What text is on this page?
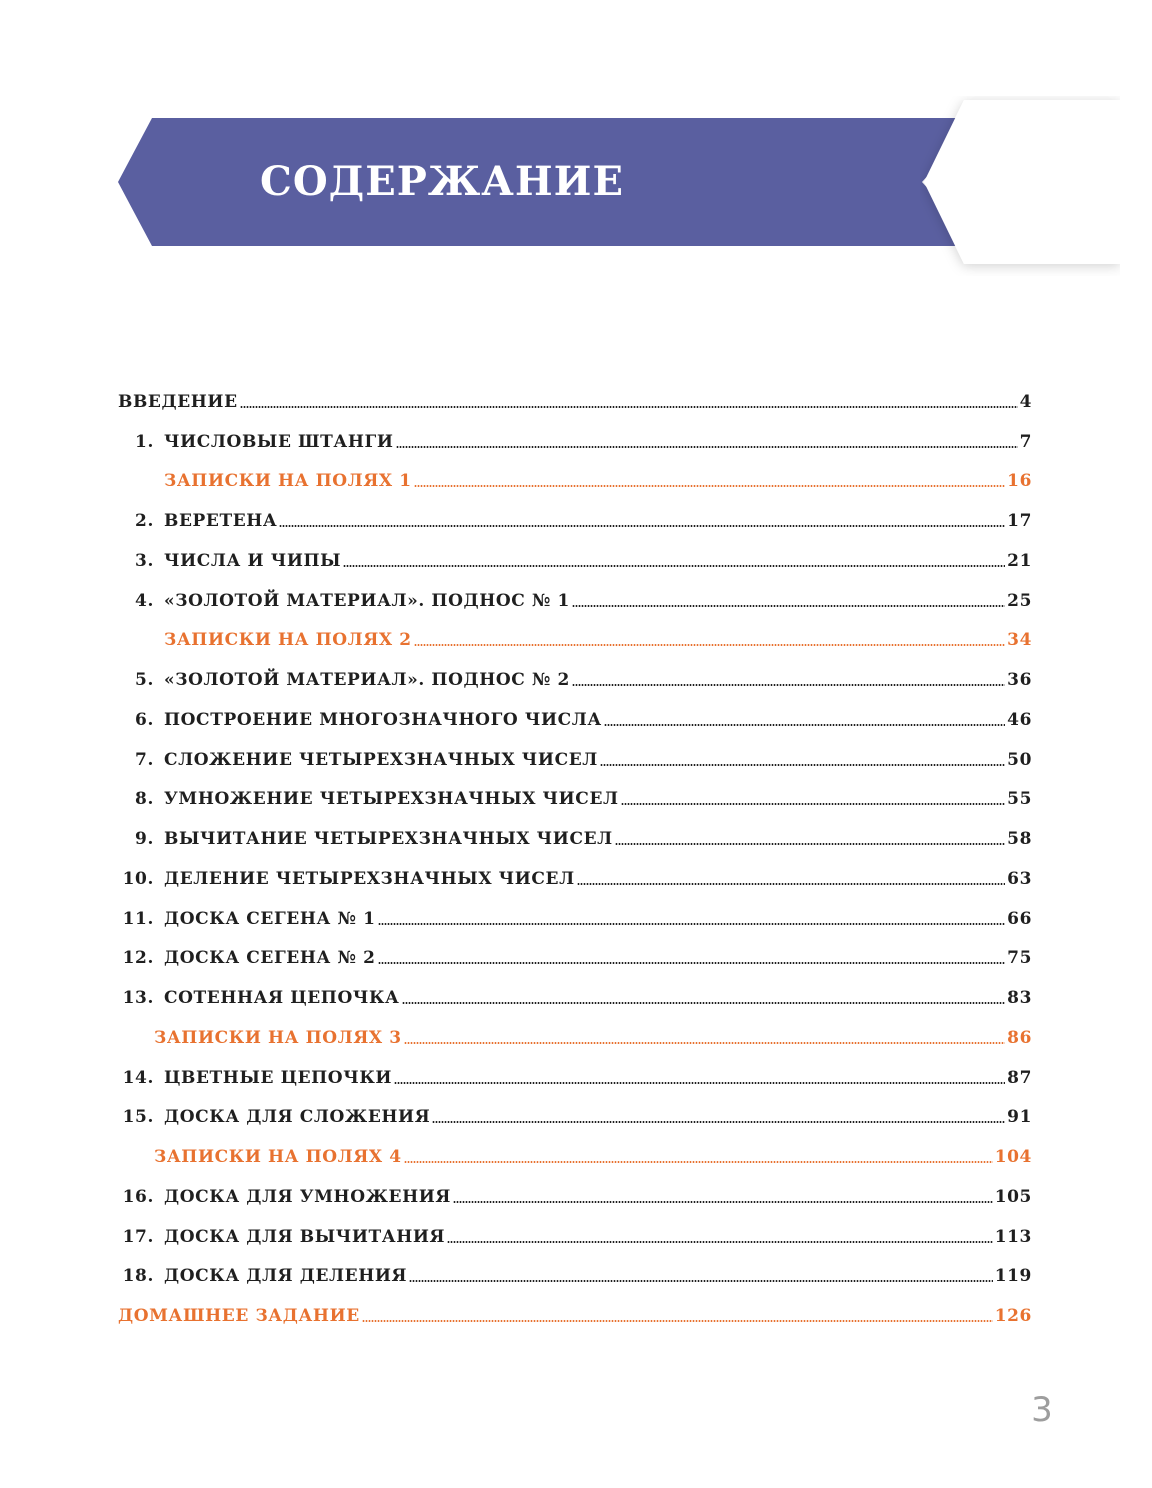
СОДЕРЖАНИЕ
ВВЕДЕНИЕ	4
1. ЧИСЛОВЫЕ ШТАНГИ	7
ЗАПИСКИ НА ПОЛЯХ 1	16
2. ВЕРЕТЕНА	17
3. ЧИСЛА И ЧИПЫ	21
4. «ЗОЛОТОЙ МАТЕРИАЛ». ПОДНОС № 1	25
ЗАПИСКИ НА ПОЛЯХ 2	34
5. «ЗОЛОТОЙ МАТЕРИАЛ». ПОДНОС № 2	36
6. ПОСТРОЕНИЕ МНОГОЗНАЧНОГО ЧИСЛА	46
7. СЛОЖЕНИЕ ЧЕТЫРЕХЗНАЧНЫХ ЧИСЕЛ	50
8. УМНОЖЕНИЕ ЧЕТЫРЕХЗНАЧНЫХ ЧИСЕЛ	55
9. ВЫЧИТАНИЕ ЧЕТЫРЕХЗНАЧНЫХ ЧИСЕЛ	58
10. ДЕЛЕНИЕ ЧЕТЫРЕХЗНАЧНЫХ ЧИСЕЛ	63
11. ДОСКА СЕГЕНА № 1	66
12. ДОСКА СЕГЕНА № 2	75
13. СОТЕННАЯ ЦЕПОЧКА	83
ЗАПИСКИ НА ПОЛЯХ 3	86
14. ЦВЕТНЫЕ ЦЕПОЧКИ	87
15. ДОСКА ДЛЯ СЛОЖЕНИЯ	91
ЗАПИСКИ НА ПОЛЯХ 4	104
16. ДОСКА ДЛЯ УМНОЖЕНИЯ	105
17. ДОСКА ДЛЯ ВЫЧИТАНИЯ	113
18. ДОСКА ДЛЯ ДЕЛЕНИЯ	119
ДОМАШНЕЕ ЗАДАНИЕ	126
3
